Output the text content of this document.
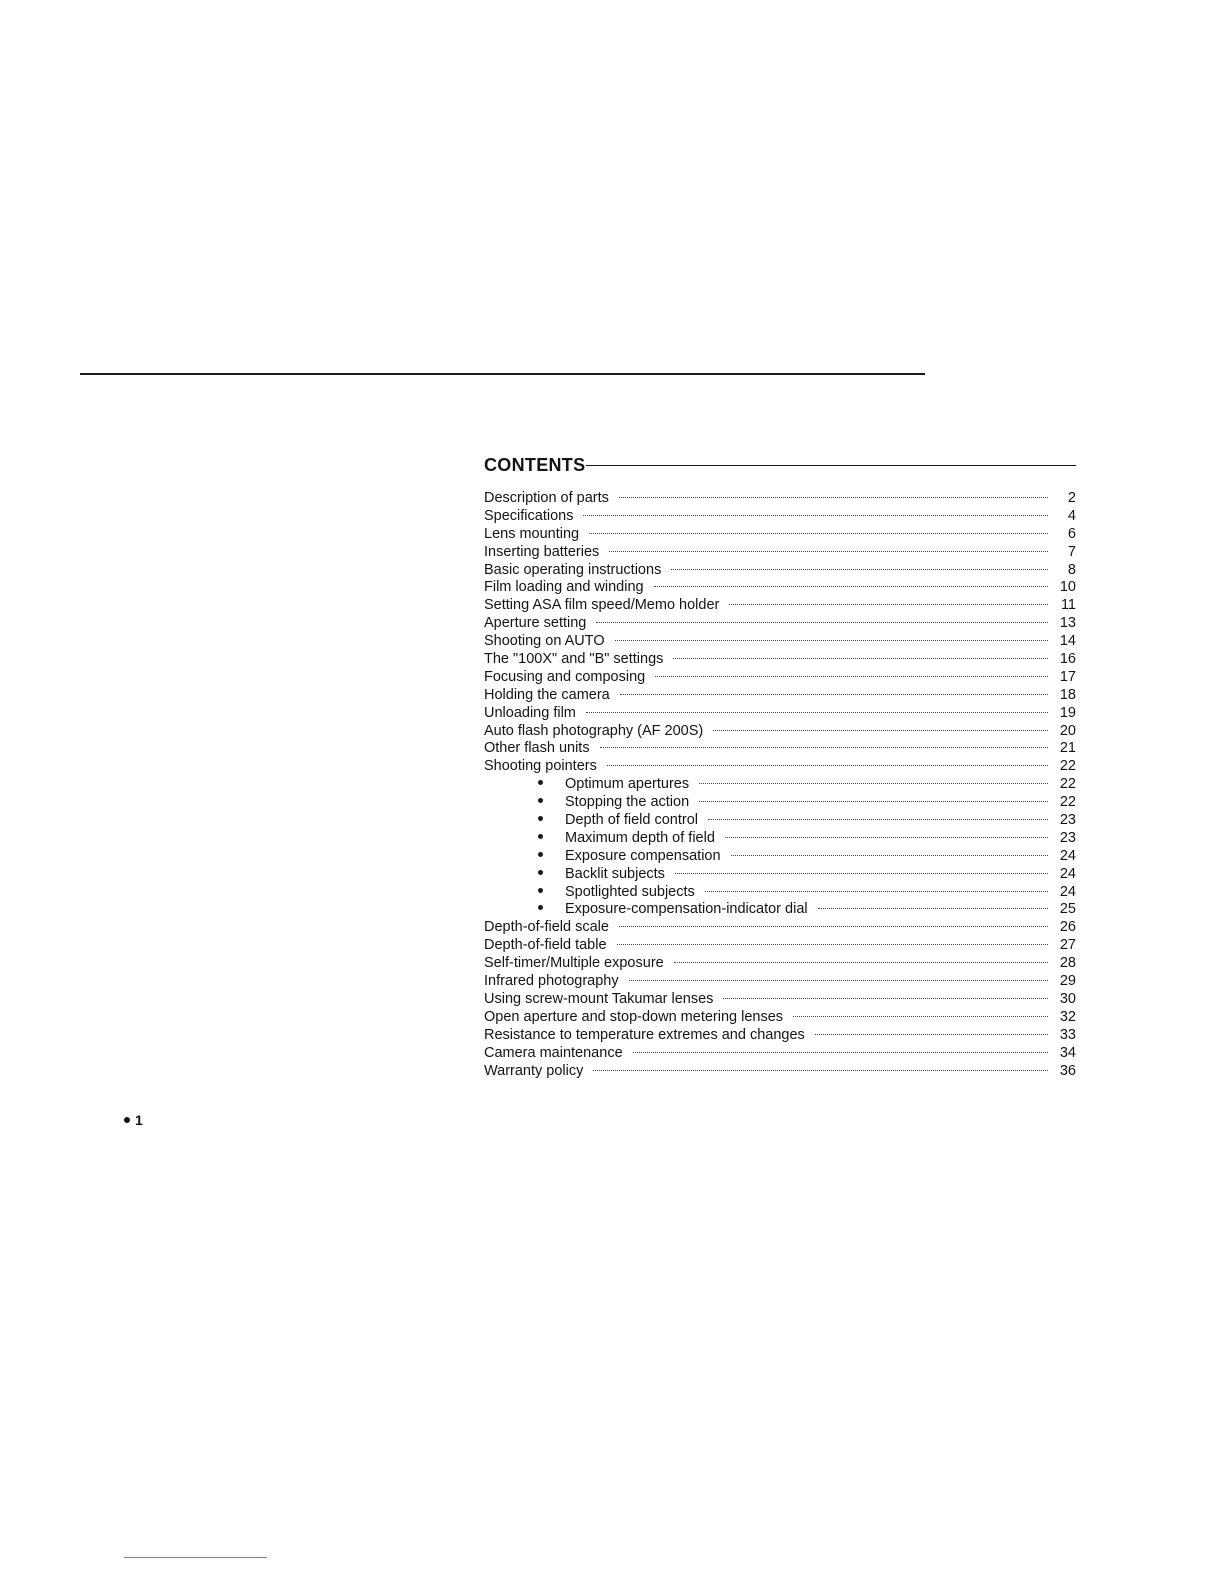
CONTENTS
Description of parts	2
Specifications	4
Lens mounting	6
Inserting batteries	7
Basic operating instructions	8
Film loading and winding	10
Setting ASA film speed/Memo holder	11
Aperture setting	13
Shooting on AUTO	14
The "100X" and "B" settings	16
Focusing and composing	17
Holding the camera	18
Unloading film	19
Auto flash photography (AF 200S)	20
Other flash units	21
Shooting pointers	22
Optimum apertures	22
Stopping the action	22
Depth of field control	23
Maximum depth of field	23
Exposure compensation	24
Backlit subjects	24
Spotlighted subjects	24
Exposure-compensation-indicator dial	25
Depth-of-field scale	26
Depth-of-field table	27
Self-timer/Multiple exposure	28
Infrared photography	29
Using screw-mount Takumar lenses	30
Open aperture and stop-down metering lenses	32
Resistance to temperature extremes and changes	33
Camera maintenance	34
Warranty policy	36
1
